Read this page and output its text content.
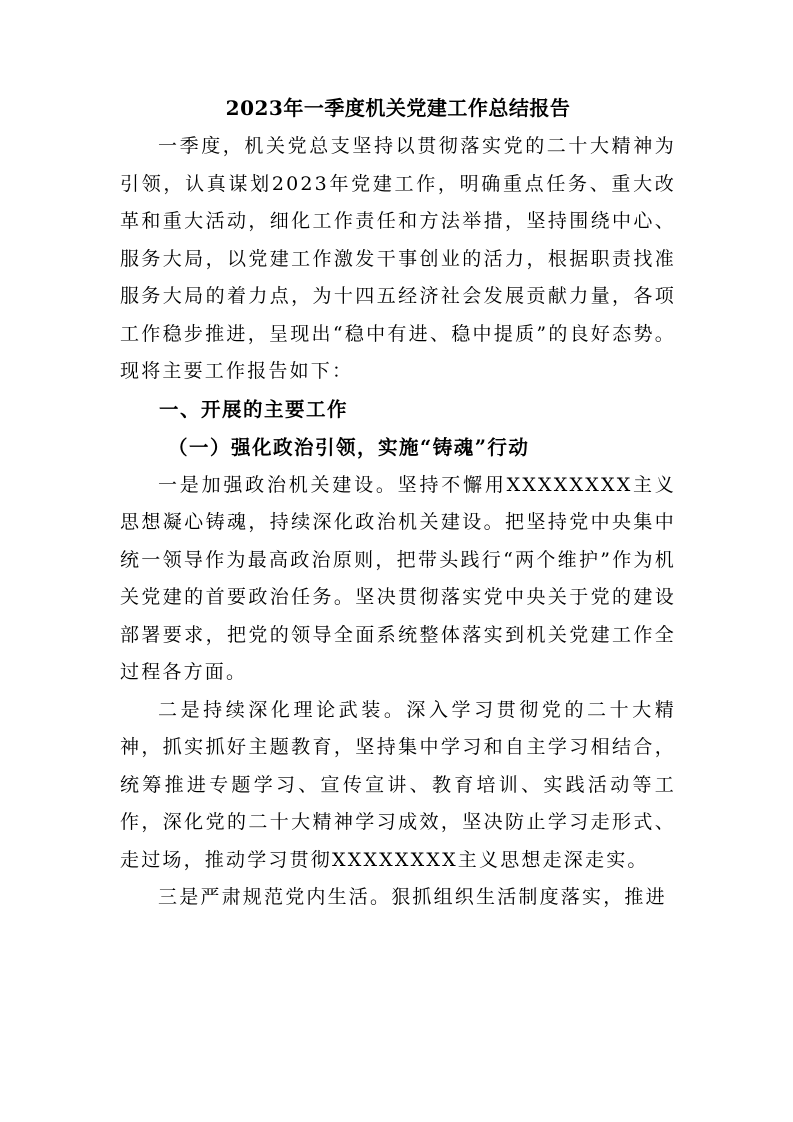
2023年一季度机关党建工作总结报告

一季度，机关党总支坚持以贯彻落实党的二十大精神为引领，认真谋划2023年党建工作，明确重点任务、重大改革和重大活动，细化工作责任和方法举措，坚持围绕中心、服务大局，以党建工作激发干事创业的活力，根据职责找准服务大局的着力点，为十四五经济社会发展贡献力量，各项工作稳步推进，呈现出“稳中有进、稳中提质”的良好态势。现将主要工作报告如下：

一、开展的主要工作
（一）强化政治引领，实施“铸魂”行动

一是加强政治机关建设。坚持不懈用XXXXXXXX主义思想凝心铸魂，持续深化政治机关建设。把坚持党中央集中统一领导作为最高政治原则，把带头践行“两个维护”作为机关党建的首要政治任务。坚决贯彻落实党中央关于党的建设部署要求，把党的领导全面系统整体落实到机关党建工作全过程各方面。

二是持续深化理论武装。深入学习贯彻党的二十大精神，抓实抓好主题教育，坚持集中学习和自主学习相结合，统筹推进专题学习、宣传宣讲、教育培训、实践活动等工作，深化党的二十大精神学习成效，坚决防止学习走形式、走过场，推动学习贯彻XXXXXXXX主义思想走深走实。

三是严肃规范党内生活。狠抓组织生活制度落实，推进
